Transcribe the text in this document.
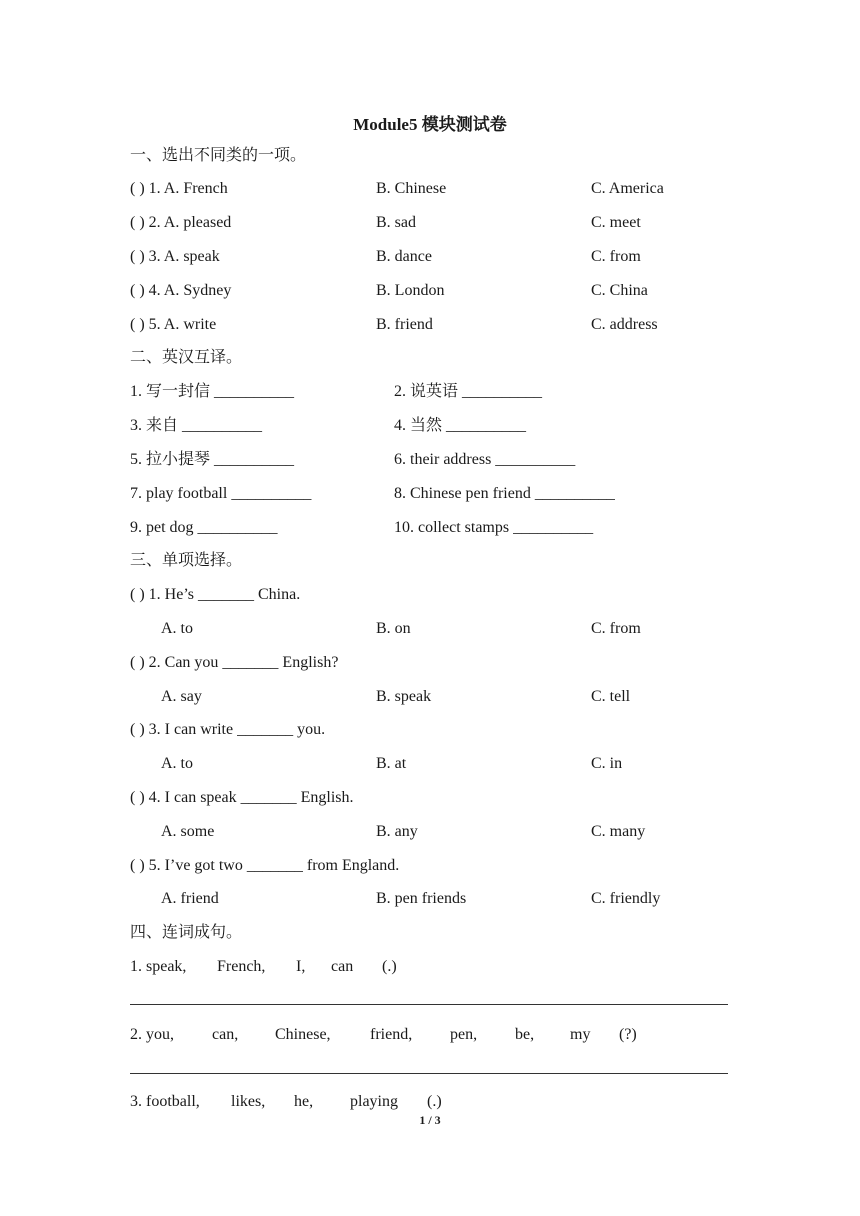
Module5 模块测试卷
一、选出不同类的一项。
( ) 1. A. French	B. Chinese	C. America
( ) 2. A. pleased	B. sad	C. meet
( ) 3. A. speak	B. dance	C. from
( ) 4. A. Sydney	B. London	C. China
( ) 5. A. write	B. friend	C. address
二、英汉互译。
1. 写一封信 __________	2. 说英语 __________
3. 来自 __________	4. 当然 __________
5. 拉小提琴 __________	6. their address __________
7. play football __________	8. Chinese pen friend __________
9. pet dog __________	10. collect stamps __________
三、单项选择。
( ) 1. He’s _______ China.
A. to	B. on	C. from
( ) 2. Can you _______ English?
A. say	B. speak	C. tell
( ) 3. I can write _______ you.
A. to	B. at	C. in
( ) 4. I can speak _______ English.
A. some	B. any	C. many
( ) 5. I’ve got two _______ from England.
A. friend	B. pen friends	C. friendly
四、连词成句。
1. speak, French, I, can (.)
2. you, can, Chinese, friend, pen, be, my (?)
3. football, likes, he, playing (.)
1 / 3
